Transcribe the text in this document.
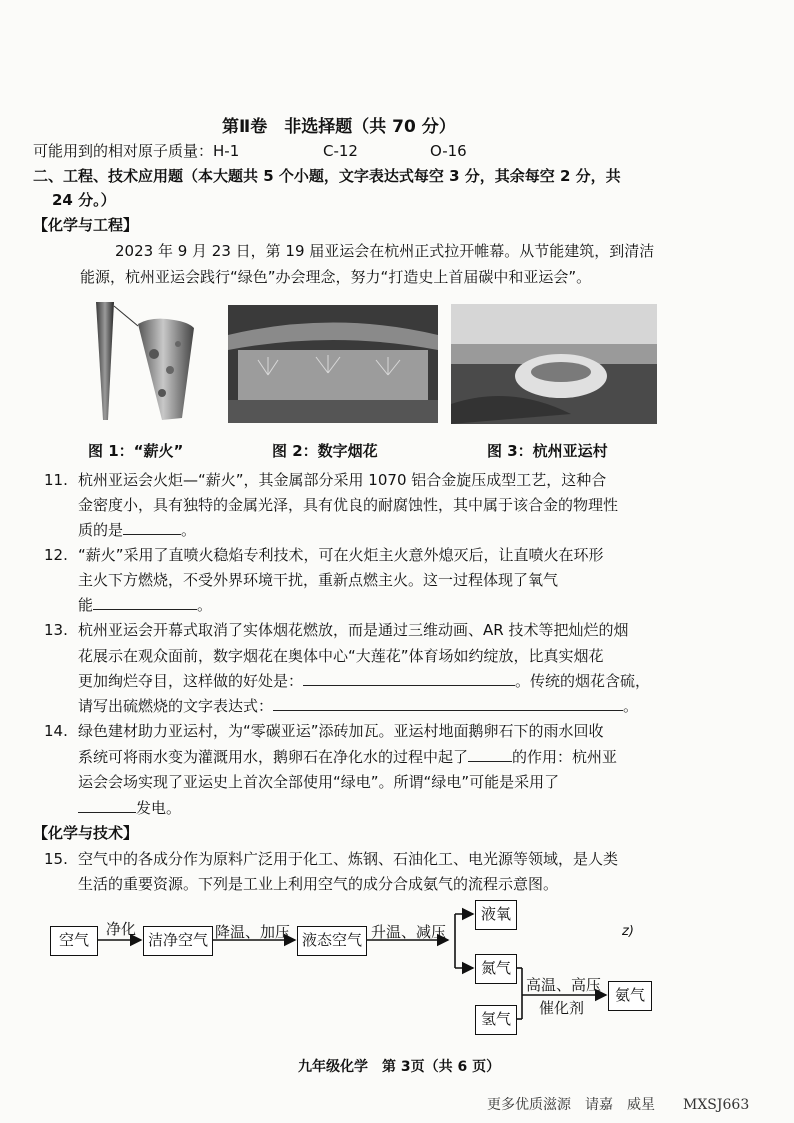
第Ⅱ卷　非选择题（共 70 分）
可能用到的相对原子质量：H-1	C-12	O-16
二、工程、技术应用题（本大题共 5 个小题，文字表达式每空 3 分，其余每空 2 分，共
24 分。）
【化学与工程】
2023 年 9 月 23 日，第 19 届亚运会在杭州正式拉开帷幕。从节能建筑，到清洁
能源，杭州亚运会践行“绿色”办会理念，努力“打造史上首届碳中和亚运会”。
图 1：“薪火”	图 2：数字烟花	图 3：杭州亚运村
11. 杭州亚运会火炬—“薪火”，其金属部分采用 1070 铝合金旋压成型工艺，这种合
金密度小，具有独特的金属光泽，具有优良的耐腐蚀性，其中属于该合金的物理性
质的是	。
12. “薪火”采用了直喷火稳焰专利技术，可在火炬主火意外熄灭后，让直喷火在环形
主火下方燃烧，不受外界环境干扰，重新点燃主火。这一过程体现了氧气
能	。
13. 杭州亚运会开幕式取消了实体烟花燃放，而是通过三维动画、AR 技术等把灿烂的烟
花展示在观众面前，数字烟花在奥体中心“大莲花”体育场如约绽放，比真实烟花
更加绚烂夺目，这样做的好处是：	。传统的烟花含硫，
请写出硫燃烧的文字表达式：	。
14. 绿色建材助力亚运村，为“零碳亚运”添砖加瓦。亚运村地面鹅卵石下的雨水回收
系统可将雨水变为灌溉用水，鹅卵石在净化水的过程中起了	的作用：杭州亚
运会会场实现了亚运史上首次全部使用“绿电”。所谓“绿电”可能是采用了
发电。
【化学与技术】
15. 空气中的各成分作为原料广泛用于化工、炼钢、石油化工、电光源等领域，是人类
生活的重要资源。下列是工业上利用空气的成分合成氨气的流程示意图。
空气
净化
洁净空气 降温、加压 液态空气 升温、减压
液氧
氮气
氢气
高温、高压
催化剂
氨气
z)
九年级化学　第 3页（共 6 页）
更多优质滋源　请嘉　威星　　MXSJ663
